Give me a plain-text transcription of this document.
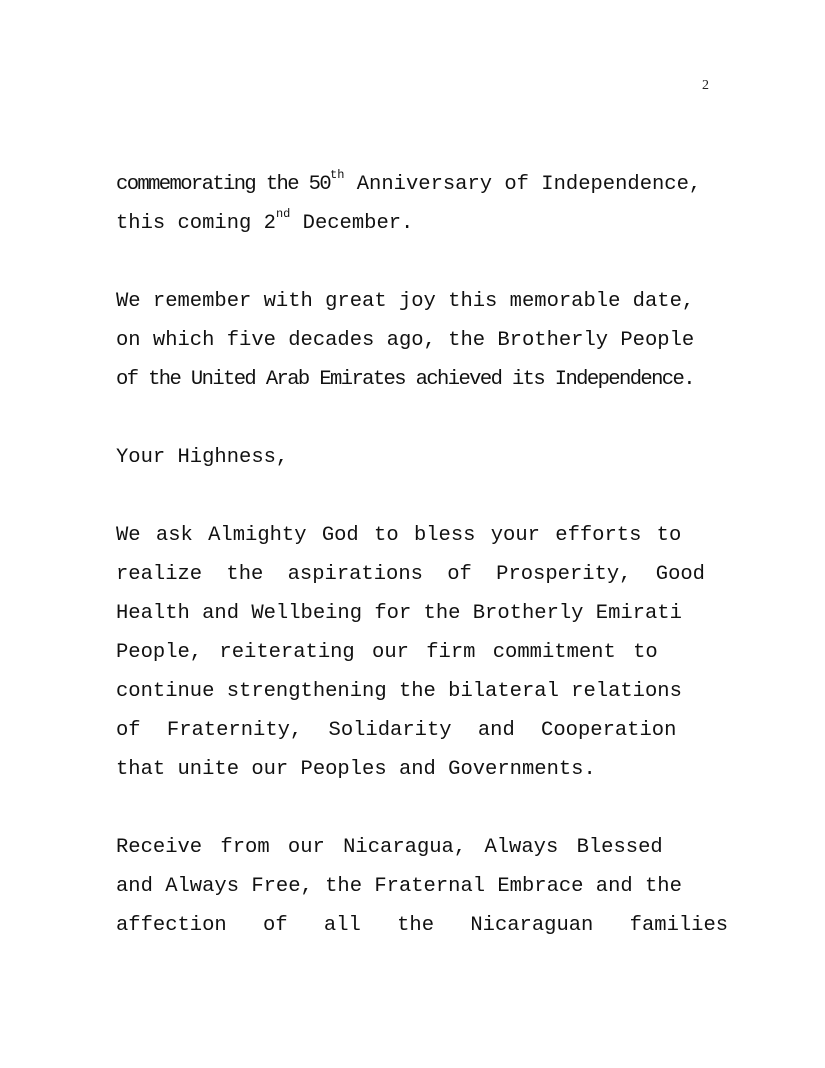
2
commemorating the 50th Anniversary of Independence,
this coming 2nd December.
We remember with great joy this memorable date,
on which five decades ago, the Brotherly People
of the United Arab Emirates achieved its Independence.
Your Highness,
We ask Almighty God to bless your efforts to
realize the aspirations of Prosperity, Good
Health and Wellbeing for the Brotherly Emirati
People, reiterating our firm commitment to
continue strengthening the bilateral relations
of Fraternity, Solidarity and Cooperation
that unite our Peoples and Governments.
Receive from our Nicaragua, Always Blessed
and Always Free, the Fraternal Embrace and the
affection of all the Nicaraguan families
